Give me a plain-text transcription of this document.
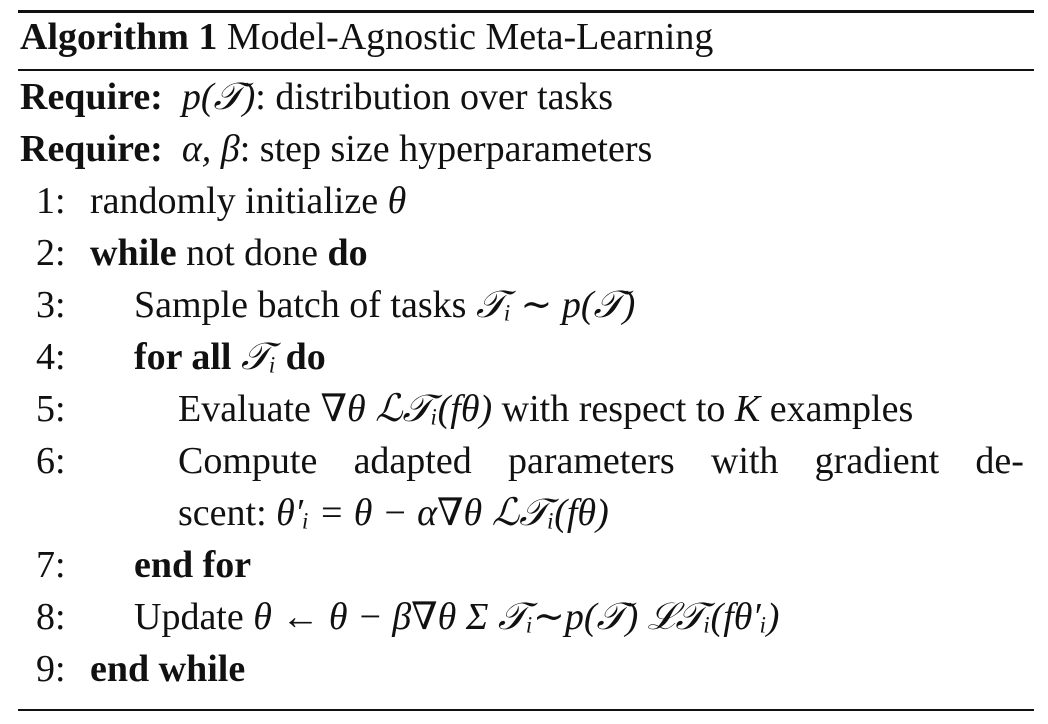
Algorithm 1 Model-Agnostic Meta-Learning
Require: p(𝒯): distribution over tasks
Require: α, β: step size hyperparameters
1: randomly initialize θ
2: while not done do
3:	Sample batch of tasks 𝒯ᵢ ∼ p(𝒯)
4:	for all 𝒯ᵢ do
5:	Evaluate ∇θ ℒ𝒯ᵢ(fθ) with respect to K examples
6:	Compute adapted parameters with gradient de-
scent: θ′ᵢ = θ − α∇θ ℒ𝒯ᵢ(fθ)
7:	end for
8:	Update θ ← θ − β∇θ Σ 𝒯ᵢ∼p(𝒯) ℒ𝒯ᵢ(fθ′ᵢ)
9: end while
